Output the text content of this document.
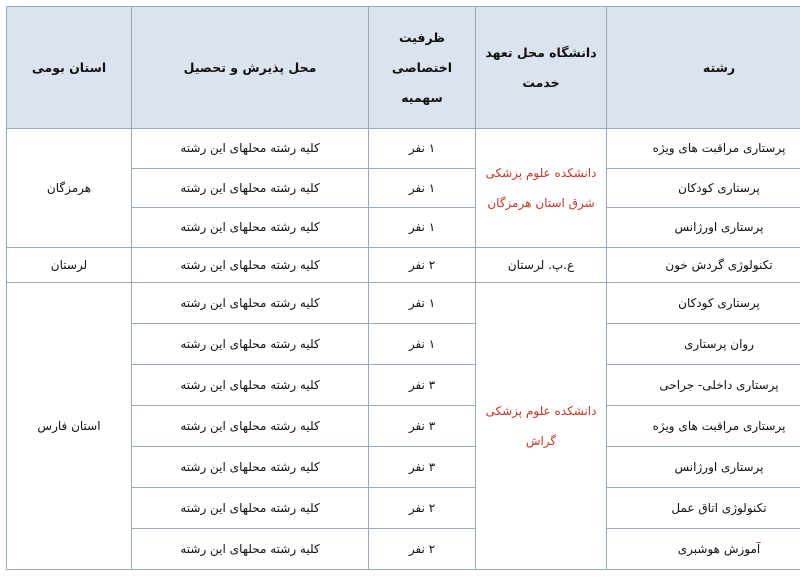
رشته	دانشگاه محل تعهد خدمت	ظرفیت اختصاصی سهمیه	محل پذیرش و تحصیل	استان بومی
پرستاری مراقبت های ویژه	دانشکده علوم پزشکی شرق استان هرمزگان	۱ نفر	کلیه رشته محلهای این رشته	هرمزگان
پرستاری کودکان		۱ نفر	کلیه رشته محلهای این رشته	
پرستاری اورژانس		۱ نفر	کلیه رشته محلهای این رشته	
تکنولوژی گردش خون	ع.پ. لرستان	۲ نفر	کلیه رشته محلهای این رشته	لرستان
پرستاری کودکان	دانشکده علوم پزشکی گراش	۱ نفر	کلیه رشته محلهای این رشته	استان فارس
روان پرستاری		۱ نفر	کلیه رشته محلهای این رشته	
پرستاری داخلی- جراحی		۳ نفر	کلیه رشته محلهای این رشته	
پرستاری مراقبت های ویژه		۳ نفر	کلیه رشته محلهای این رشته	
پرستاری اورژانس		۳ نفر	کلیه رشته محلهای این رشته	
تکنولوژی اتاق عمل		۲ نفر	کلیه رشته محلهای این رشته	
آموزش هوشبری		۲ نفر	کلیه رشته محلهای این رشته	
